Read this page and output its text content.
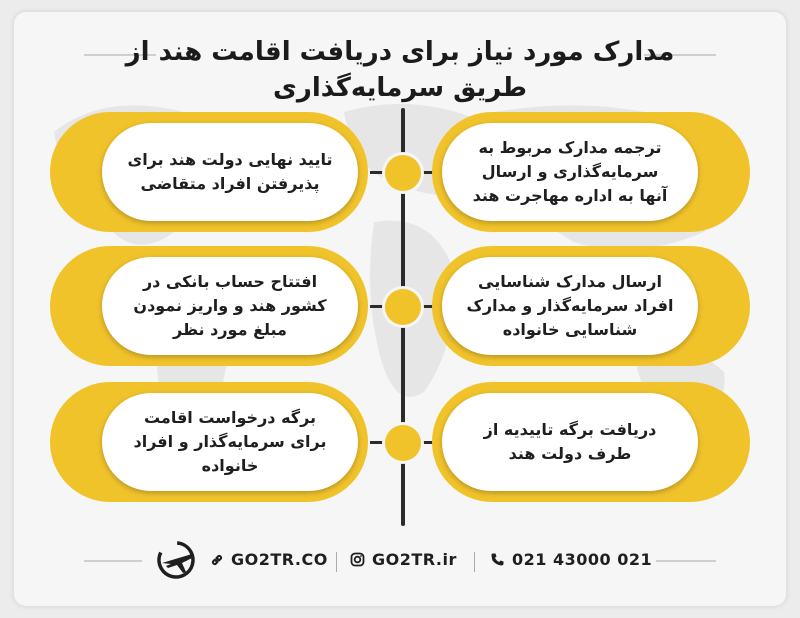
مدارک مورد نیاز برای دریافت اقامت هند از
طریق سرمایه‌گذاری
تایید نهایی دولت هند برای پذیرفتن افراد متقاضی
ترجمه مدارک مربوط به سرمایه‌گذاری و ارسال آنها به اداره مهاجرت هند
افتتاح حساب بانکی در کشور هند و واریز نمودن مبلغ مورد نظر
ارسال مدارک شناسایی افراد سرمایه‌گذار و مدارک شناسایی خانواده
برگه درخواست اقامت برای سرمایه‌گذار و افراد خانواده
دریافت برگه تاییدیه از طرف دولت هند
GO2TR.CO	GO2TR.ir	021 43000 021
